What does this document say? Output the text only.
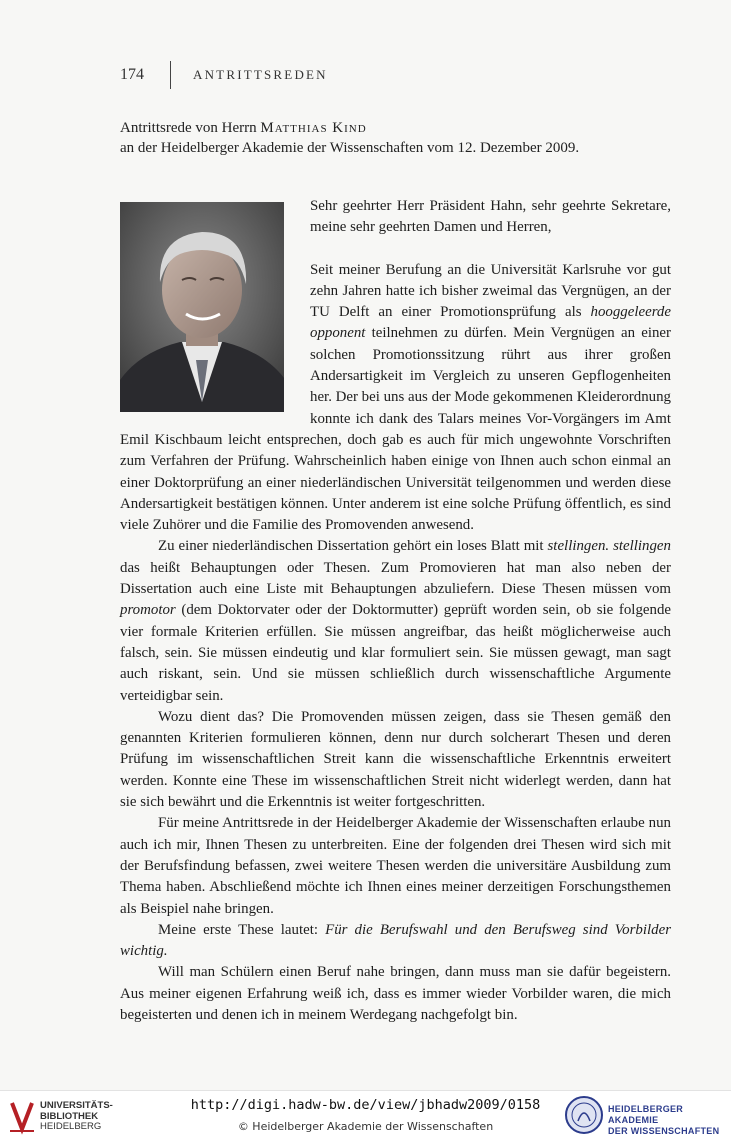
174	ANTRITTSREDEN
Antrittsrede von Herrn Matthias Kind
an der Heidelberger Akademie der Wissenschaften vom 12. Dezember 2009.

Sehr geehrter Herr Präsident Hahn, sehr geehrte Sekretare, meine sehr geehrten Damen und Herren,

Seit meiner Berufung an die Universität Karlsruhe vor gut zehn Jahren hatte ich bisher zweimal das Vergnügen, an der TU Delft an einer Promotionsprüfung als hooggeleerde opponent teilnehmen zu dürfen. Mein Vergnügen an einer solchen Promotionssitzung rührt aus ihrer großen Andersartigkeit im Vergleich zu unseren Gepflogenheiten her. Der bei uns aus der Mode gekommenen Kleiderordnung konnte ich dank des Talars meines Vor-Vorgängers im Amt Emil Kischbaum leicht entsprechen, doch gab es auch für mich ungewohnte Vorschriften zum Verfahren der Prüfung. Wahrscheinlich haben einige von Ihnen auch schon einmal an einer Doktorprüfung an einer niederländischen Universität teilgenommen und werden diese Andersartigkeit bestätigen können. Unter anderem ist eine solche Prüfung öffentlich, es sind viele Zuhörer und die Familie des Promovenden anwesend.

Zu einer niederländischen Dissertation gehört ein loses Blatt mit stellingen. stellingen das heißt Behauptungen oder Thesen. Zum Promovieren hat man also neben der Dissertation auch eine Liste mit Behauptungen abzuliefern. Diese Thesen müssen vom promotor (dem Doktorvater oder der Doktormutter) geprüft worden sein, ob sie folgende vier formale Kriterien erfüllen. Sie müssen angreifbar, das heißt möglicherweise auch falsch, sein. Sie müssen eindeutig und klar formuliert sein. Sie müssen gewagt, man sagt auch riskant, sein. Und sie müssen schließlich durch wissenschaftliche Argumente verteidigbar sein.

Wozu dient das? Die Promovenden müssen zeigen, dass sie Thesen gemäß den genannten Kriterien formulieren können, denn nur durch solcherart Thesen und deren Prüfung im wissenschaftlichen Streit kann die wissenschaftliche Erkenntnis erweitert werden. Konnte eine These im wissenschaftlichen Streit nicht widerlegt werden, dann hat sie sich bewährt und die Erkenntnis ist weiter fortgeschritten.

Für meine Antrittsrede in der Heidelberger Akademie der Wissenschaften erlaube nun auch ich mir, Ihnen Thesen zu unterbreiten. Eine der folgenden drei Thesen wird sich mit der Berufsfindung befassen, zwei weitere Thesen werden die universitäre Ausbildung zum Thema haben. Abschließend möchte ich Ihnen eines meiner derzeitigen Forschungsthemen als Beispiel nahe bringen.

Meine erste These lautet: Für die Berufswahl und den Berufsweg sind Vorbilder wichtig.

Will man Schülern einen Beruf nahe bringen, dann muss man sie dafür begeistern. Aus meiner eigenen Erfahrung weiß ich, dass es immer wieder Vorbilder waren, die mich begeisterten und denen ich in meinem Werdegang nachgefolgt bin.

UNIVERSITÄTS-
BIBLIOTHEK
HEIDELBERG
http://digi.hadw-bw.de/view/jbhadw2009/0158
© Heidelberger Akademie der Wissenschaften
HEIDELBERGER AKADEMIE
DER WISSENSCHAFTEN
